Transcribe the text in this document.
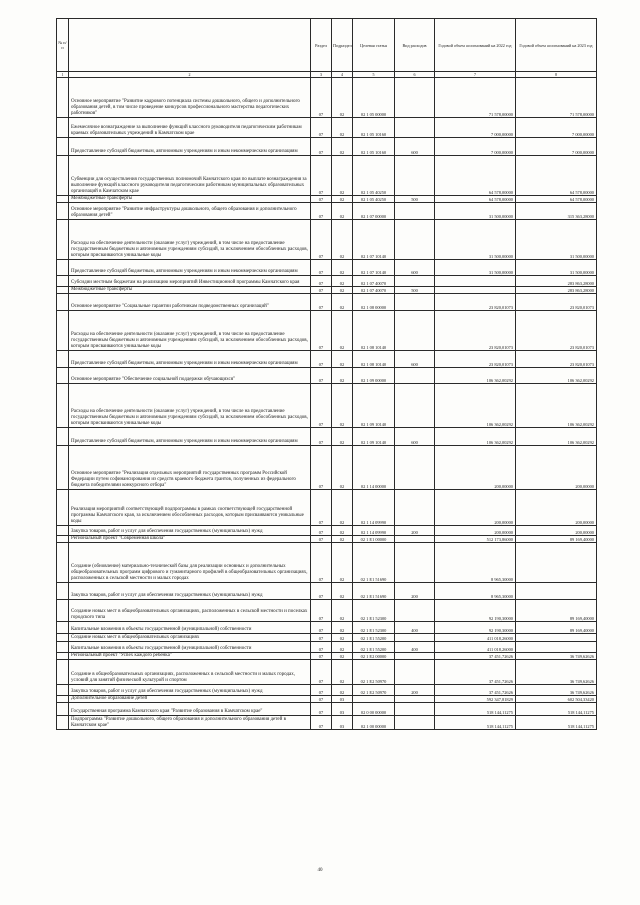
№ п/п		Раздел	Подраздел	Целевая статья	Вид расходов	Годовой объем ассигнований на 2022 год	Годовой объем ассигнований на 2023 год
1	2	3	4	5	6	7	8
	Основное мероприятие "Развитие кадрового потенциала системы дошкольного, общего и дополнительного образования детей, в том числе проведение конкурсов профессионального мастерства педагогических работников"	07	02	02 1 05 00000		71 578,00000	71 578,00000
	Ежемесячное вознаграждение за выполнение функций классного руководителя педагогическим работникам краевых образовательных учреждений в Камчатском крае	07	02	02 1 05 10160		7 000,00000	7 000,00000
	Предоставление субсидий бюджетным, автономным учреждениям и иным некоммерческим организациям	07	02	02 1 05 10160	600	7 000,00000	7 000,00000
	Субвенции для осуществления государственных полномочий Камчатского края по выплате вознаграждения за выполнение функций классного руководителя педагогическим работникам муниципальных образовательных организаций в Камчатском крае	07	02	02 1 05 40250		64 578,00000	64 578,00000
	Межбюджетные трансферты	07	02	02 1 05 40250	500	64 578,00000	64 578,00000
	Основное мероприятие "Развитие инфраструктуры дошкольного, общего образования и дополнительного образования детей"	07	02	02 1 07 00000		31 500,00000	315 363,28000
	Расходы на обеспечение деятельности (оказание услуг) учреждений, в том числе на предоставление государственным бюджетным и автономным учреждениям субсидий, за исключением обособленных расходов, которым присваиваются уникальные коды	07	02	02 1 07 10140		31 500,00000	31 500,00000
	Предоставление субсидий бюджетным, автономным учреждениям и иным некоммерческим организациям	07	02	02 1 07 10140	600	31 500,00000	31 500,00000
	Субсидии местным бюджетам на реализацию мероприятий Инвестиционной программы Камчатского края	07	02	02 1 07 40070			283 863,28000
	Межбюджетные трансферты	07	02	02 1 07 40070	500		283 863,28000
	Основное мероприятие "Социальные гарантии работникам подведомственных организаций"	07	02	02 1 08 00000		23 820,01073	23 820,01073
	Расходы на обеспечение деятельности (оказание услуг) учреждений, в том числе на предоставление государственным бюджетным и автономным учреждениям субсидий, за исключением обособленных расходов, которым присваиваются уникальные коды	07	02	02 1 08 10140		23 820,01073	23 820,01073
	Предоставление субсидий бюджетным, автономным учреждениям и иным некоммерческим организациям	07	02	02 1 08 10140	600	23 820,01073	23 820,01073
	Основное мероприятие "Обеспечение социальной поддержки обучающихся"	07	02	02 1 09 00000		106 362,00292	106 362,00292
	Расходы на обеспечение деятельности (оказание услуг) учреждений, в том числе на предоставление государственным бюджетным и автономным учреждениям субсидий, за исключением обособленных расходов, которым присваиваются уникальные коды	07	02	02 1 09 10140		106 362,00292	106 362,00292
	Предоставление субсидий бюджетным, автономным учреждениям и иным некоммерческим организациям	07	02	02 1 09 10140	600	106 362,00292	106 362,00292
	Основное мероприятие "Реализация отдельных мероприятий государственных программ Российской Федерации путем софинансирования из средств краевого бюджета грантов, полученных из федерального бюджета победителями конкурсного отбора"	07	02	02 1 14 00000		200,00000	200,00000
	Реализация мероприятий соответствующей подпрограммы в рамках соответствующей государственной программы Камчатского края, за исключением обособленных расходов, которым присваиваются уникальные коды	07	02	02 1 14 09990		200,00000	200,00000
	Закупка товаров, работ и услуг для обеспечения государственных (муниципальных) нужд	07	02	02 1 14 09990	200	200,00000	200,00000
	Региональный проект "Современная школа"	07	02	02 1 E1 00000		512 173,86000	89 169,40000
	Создание (обновление) материально-технической базы для реализации основных и дополнительных общеобразовательных программ цифрового и гуманитарного профилей в общеобразовательных организациях, расположенных в сельской местности и малых городах	07	02	02 1 E1 51690		8 965,30000	
	Закупка товаров, работ и услуг для обеспечения государственных (муниципальных) нужд	07	02	02 1 E1 51690	200	8 965,30000	
	Создание новых мест в общеобразовательных организациях, расположенных в сельской местности и поселках городского типа	07	02	02 1 E1 52300		92 190,30000	89 169,40000
	Капитальные вложения в объекты государственной (муниципальной) собственности	07	02	02 1 E1 52300	400	92 190,30000	89 169,40000
	Создание новых мест в общеобразовательных организациях	07	02	02 1 E1 55200		411 018,26000	
	Капитальные вложения в объекты государственной (муниципальной) собственности	07	02	02 1 E1 55200	400	411 018,26000	
	Региональный проект "Успех каждого ребенка"	07	02	02 1 E2 00000		37 451,72626	36 749,62626
	Создание в общеобразовательных организациях, расположенных в сельской местности и малых городах, условий для занятий физической культурой и спортом	07	02	02 1 E2 50970		37 451,72626	36 749,62626
	Закупка товаров, работ и услуг для обеспечения государственных (муниципальных) нужд	07	02	02 1 E2 50970	200	37 451,72626	36 749,62626
	Дополнительное образование детей	07	03			592 347,81829	602 504,33420
	Государственная программа Камчатского края "Развитие образования в Камчатском крае"	07	03	02 0 00 00000		518 144,11275	518 144,11275
	Подпрограмма "Развитие дошкольного, общего образования и дополнительного образования детей в Камчатском крае"	07	03	02 1 00 00000		518 144,11275	518 144,11275
40
